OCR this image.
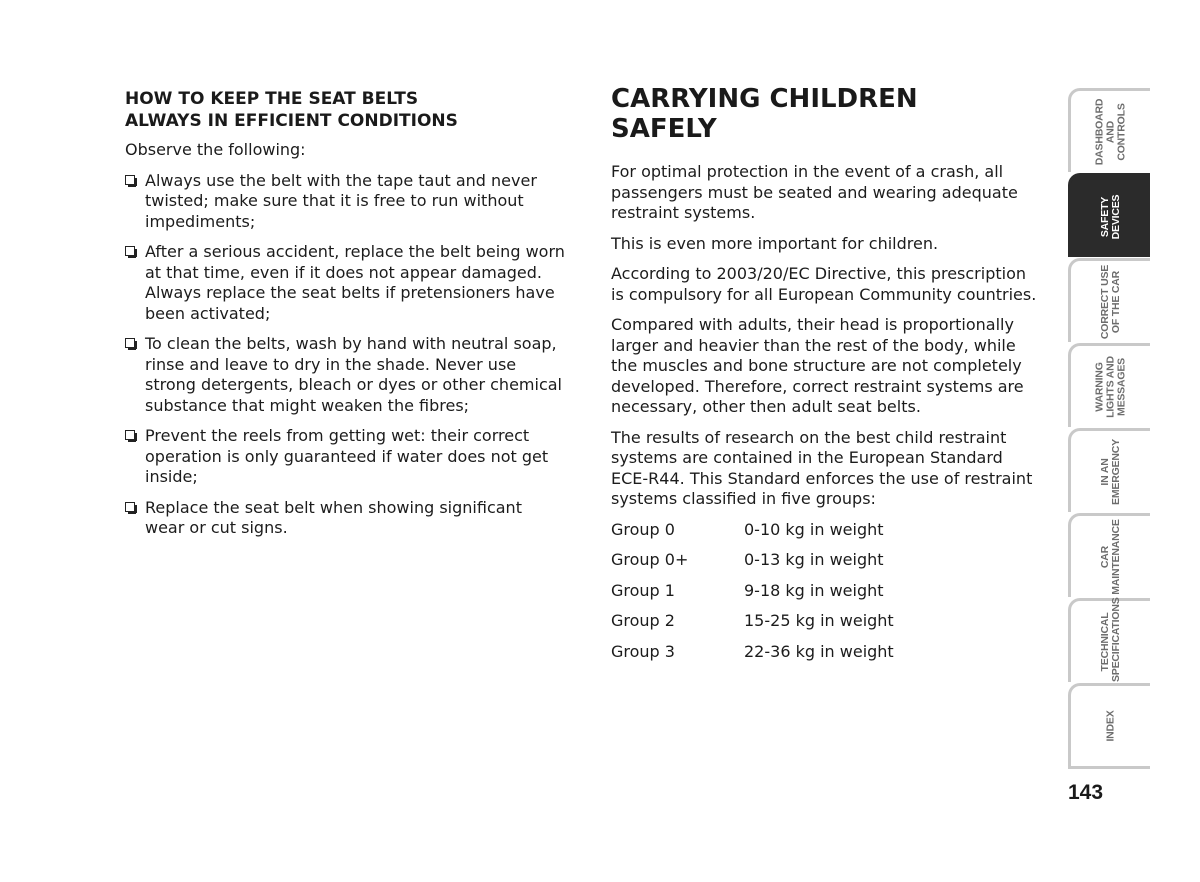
HOW TO KEEP THE SEAT BELTS
ALWAYS IN EFFICIENT CONDITIONS

Observe the following:

Always use the belt with the tape taut and never twisted; make sure that it is free to run without impediments;
After a serious accident, replace the belt being worn at that time, even if it does not appear damaged. Always replace the seat belts if pretensioners have been activated;
To clean the belts, wash by hand with neutral soap, rinse and leave to dry in the shade. Never use strong detergents, bleach or dyes or other chemical substance that might weaken the fibres;
Prevent the reels from getting wet: their correct operation is only guaranteed if water does not get inside;
Replace the seat belt when showing significant wear or cut signs.
CARRYING CHILDREN
SAFELY

For optimal protection in the event of a crash, all passengers must be seated and wearing adequate restraint systems.

This is even more important for children.

According to 2003/20/EC Directive, this prescription is compulsory for all European Community countries.

Compared with adults, their head is proportionally larger and heavier than the rest of the body, while the muscles and bone structure are not completely developed. Therefore, correct restraint systems are necessary, other then adult seat belts.

The results of research on the best child restraint systems are contained in the European Standard ECE-R44. This Standard enforces the use of restraint systems classified in five groups:

Group 0	0-10 kg in weight
Group 0+	0-13 kg in weight
Group 1	9-18 kg in weight
Group 2	15-25 kg in weight
Group 3	22-36 kg in weight
DASHBOARD
AND
CONTROLS
SAFETY
DEVICES
CORRECT USE
OF THE CAR
WARNING
LIGHTS AND
MESSAGES
IN AN
EMERGENCY
CAR
MAINTENANCE
TECHNICAL
SPECIFICATIONS
INDEX
143
